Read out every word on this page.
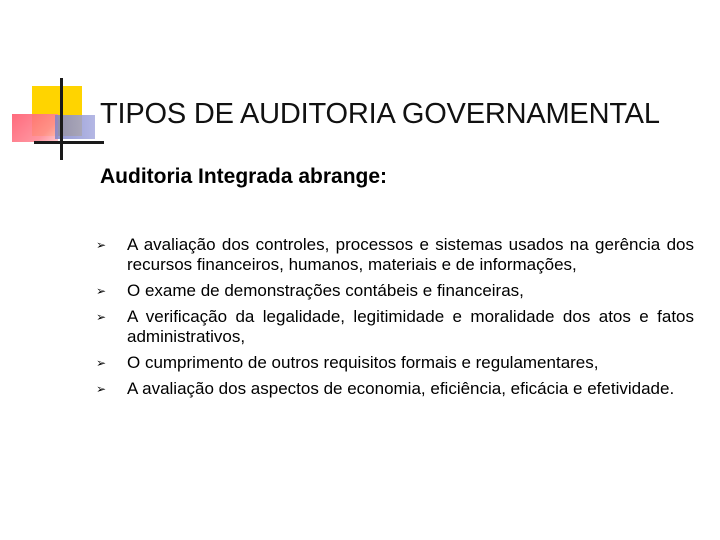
TIPOS DE AUDITORIA GOVERNAMENTAL
Auditoria Integrada abrange:
➢ A avaliação dos controles, processos e sistemas usados na gerência dos recursos financeiros, humanos, materiais e de informações,
➢ O exame de demonstrações contábeis e financeiras,
➢ A verificação da legalidade, legitimidade e moralidade dos atos e fatos administrativos,
➢ O cumprimento de outros requisitos formais e regulamentares,
➢ A avaliação dos aspectos de economia, eficiência, eficácia e efetividade.
